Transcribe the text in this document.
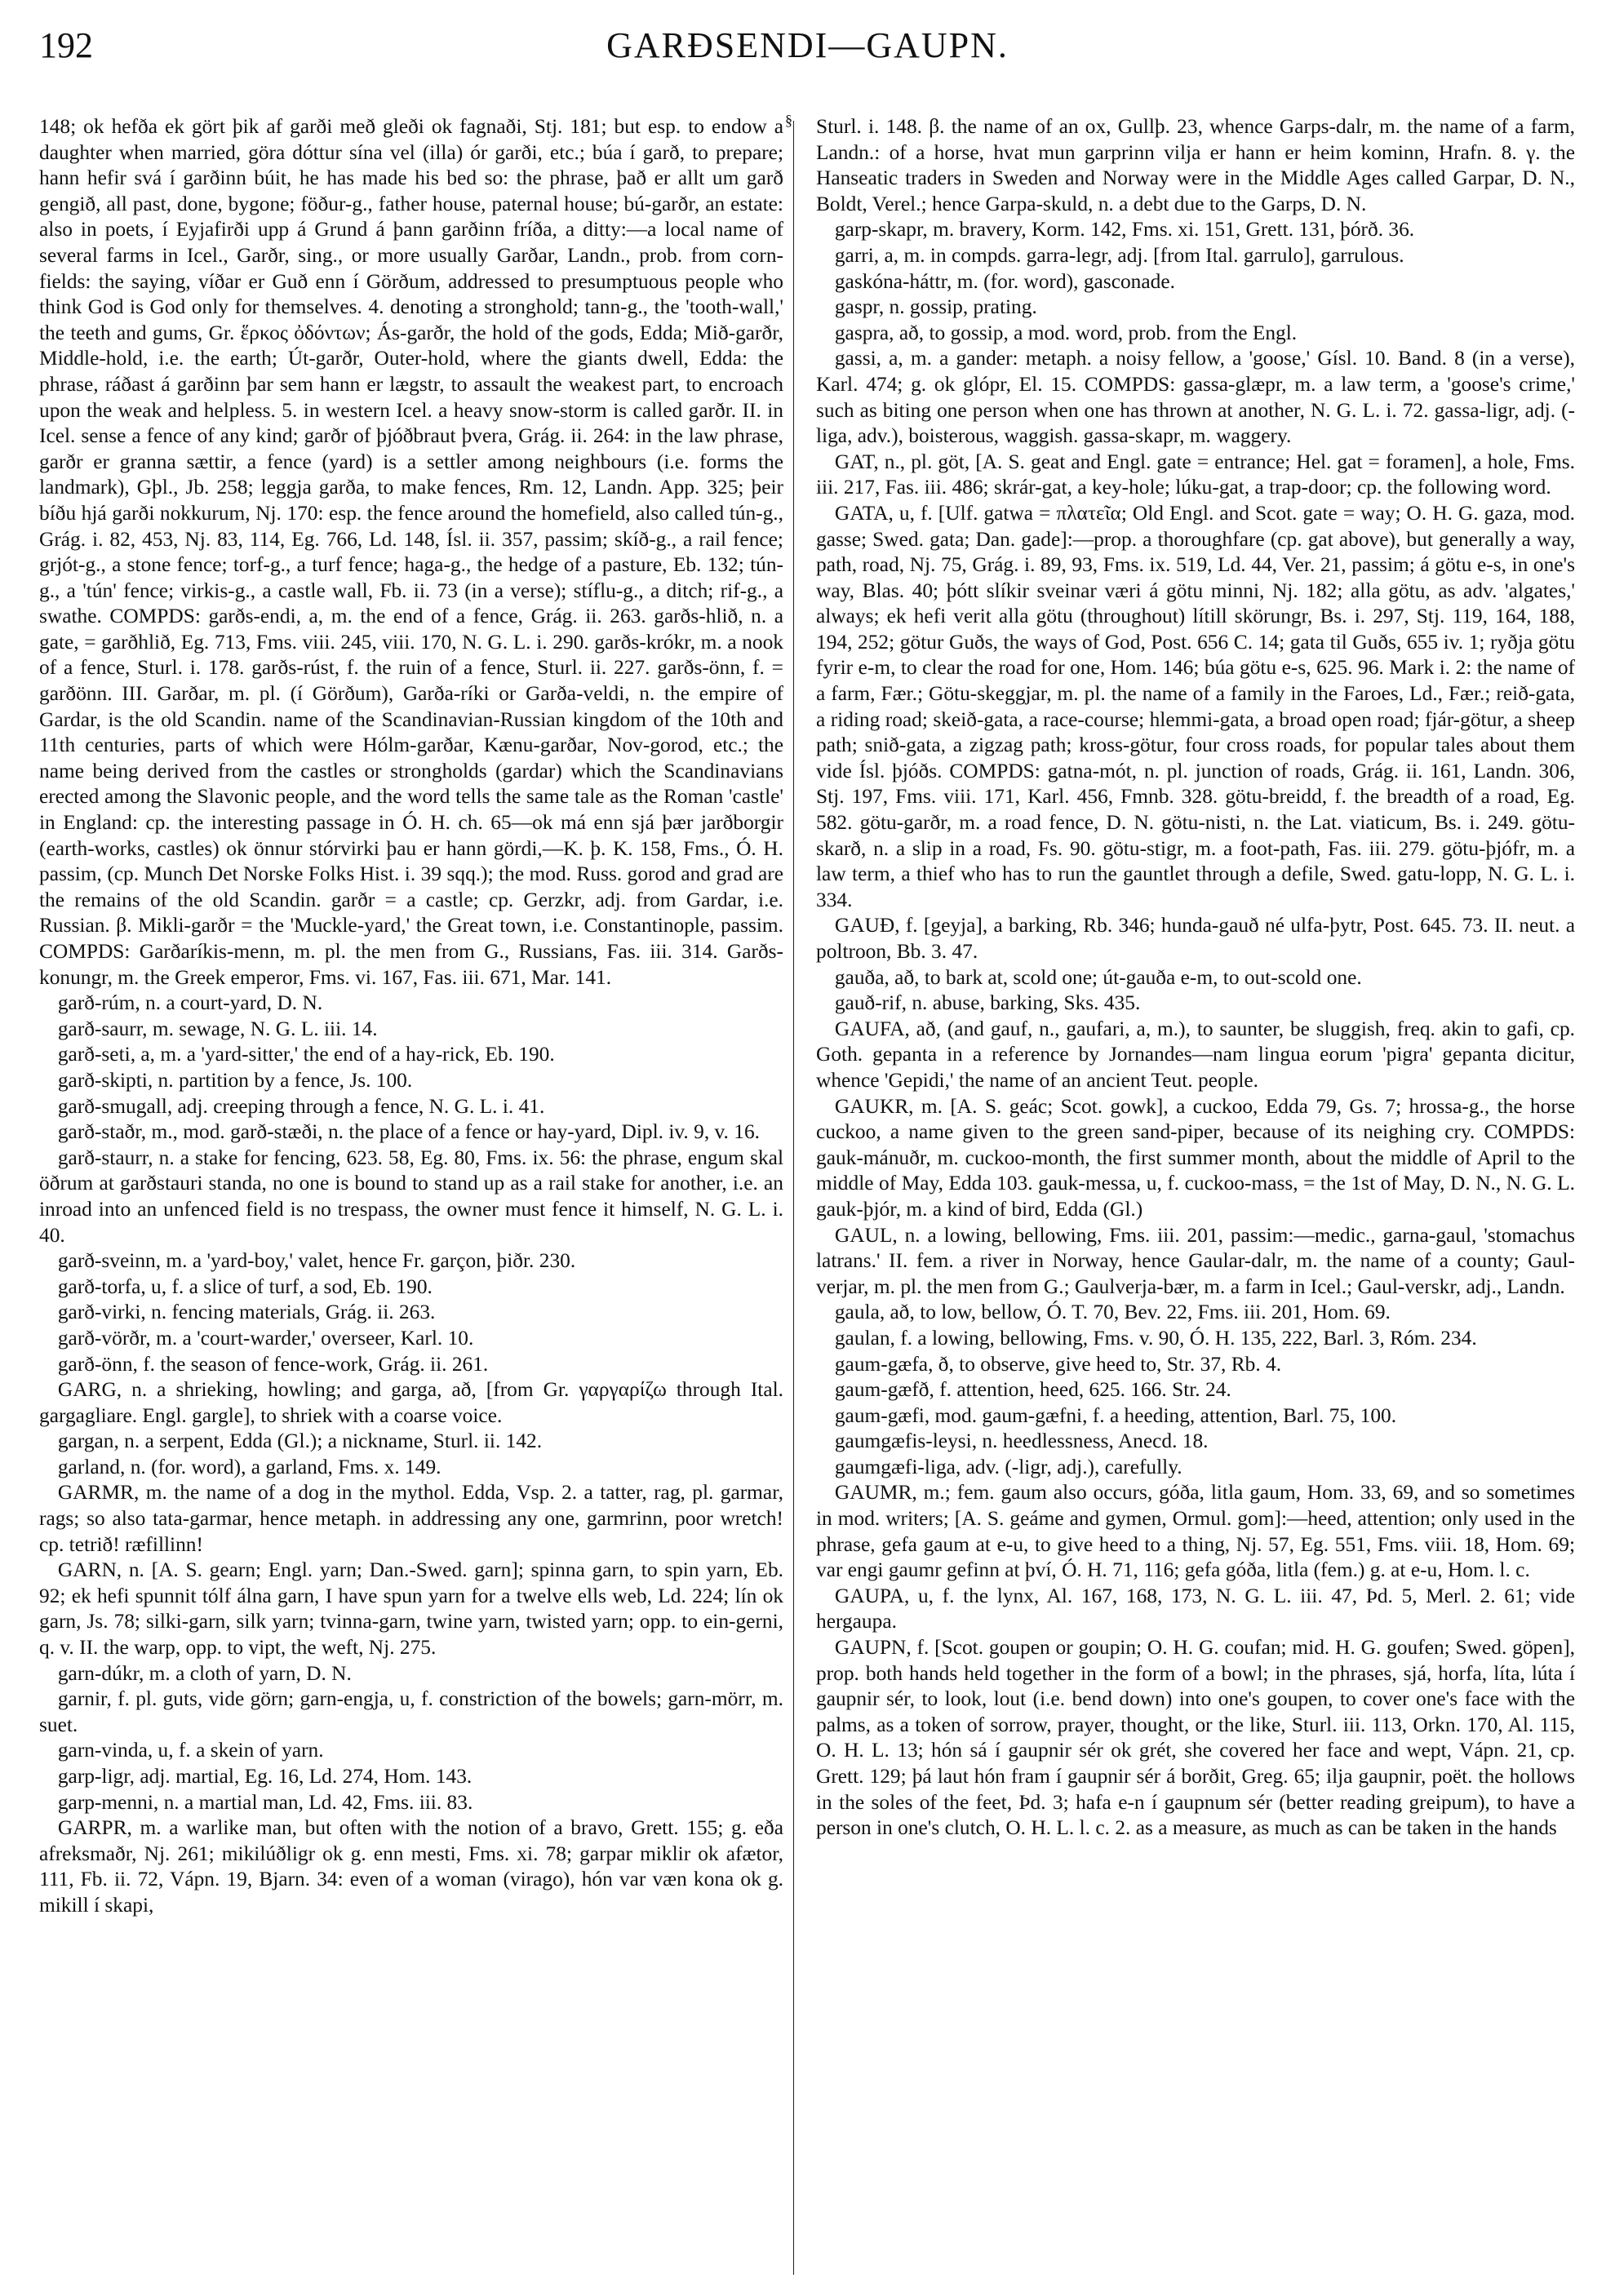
192	GARÐSENDI—GAUPN.
§

148; ok hefða ek gört þik af garði með gleði ok fagnaði, Stj. 181; but esp. to endow a daughter when married, göra dóttur sína vel (illa) ór garði, etc.; búa í garð, to prepare; hann hefir svá í garðinn búit, he has made his bed so: the phrase, það er allt um garð gengið, all past, done, bygone; föður-g., father house, paternal house; bú-garðr, an estate: also in poets, í Eyjafirði upp á Grund á þann garðinn fríða, a ditty:—a local name of several farms in Icel., Garðr, sing., or more usually Garðar, Landn., prob. from corn-fields: the saying, víðar er Guð enn í Görðum, addressed to presumptuous people who think God is God only for themselves. 4. denoting a stronghold; tann-g., the 'tooth-wall,' the teeth and gums, Gr. ἕρκος ὀδόντων; Ás-garðr, the hold of the gods, Edda; Mið-garðr, Middle-hold, i.e. the earth; Út-garðr, Outer-hold, where the giants dwell, Edda: the phrase, ráðast á garðinn þar sem hann er lægstr, to assault the weakest part, to encroach upon the weak and helpless. 5. in western Icel. a heavy snow-storm is called garðr. II. in Icel. sense a fence of any kind; garðr of þjóðbraut þvera, Grág. ii. 264: in the law phrase, garðr er granna sættir, a fence (yard) is a settler among neighbours (i.e. forms the landmark), Gþl., Jb. 258; leggja garða, to make fences, Rm. 12, Landn. App. 325; þeir bíðu hjá garði nokkurum, Nj. 170: esp. the fence around the homefield, also called tún-g., Grág. i. 82, 453, Nj. 83, 114, Eg. 766, Ld. 148, Ísl. ii. 357, passim; skíð-g., a rail fence; grjót-g., a stone fence; torf-g., a turf fence; haga-g., the hedge of a pasture, Eb. 132; tún-g., a 'tún' fence; virkis-g., a castle wall, Fb. ii. 73 (in a verse); stíflu-g., a ditch; rif-g., a swathe. COMPDS: garðs-endi, a, m. the end of a fence, Grág. ii. 263. garðs-hlið, n. a gate, = garðhlið, Eg. 713, Fms. viii. 245, viii. 170, N. G. L. i. 290. garðs-krókr, m. a nook of a fence, Sturl. i. 178. garðs-rúst, f. the ruin of a fence, Sturl. ii. 227. garðs-önn, f. = garðönn. III. Garðar, m. pl. (í Görðum), Garða-ríki or Garða-veldi, n. the empire of Gardar, is the old Scandin. name of the Scandinavian-Russian kingdom of the 10th and 11th centuries, parts of which were Hólm-garðar, Kænu-garðar, Nov-gorod, etc.; the name being derived from the castles or strongholds (gardar) which the Scandinavians erected among the Slavonic people, and the word tells the same tale as the Roman 'castle' in England: cp. the interesting passage in Ó. H. ch. 65—ok má enn sjá þær jarðborgir (earth-works, castles) ok önnur stórvirki þau er hann gördi,—K. þ. K. 158, Fms., Ó. H. passim, (cp. Munch Det Norske Folks Hist. i. 39 sqq.); the mod. Russ. gorod and grad are the remains of the old Scandin. garðr = a castle; cp. Gerzkr, adj. from Gardar, i.e. Russian. β. Mikli-garðr = the 'Muckle-yard,' the Great town, i.e. Constantinople, passim. COMPDS: Garðaríkis-menn, m. pl. the men from G., Russians, Fas. iii. 314. Garðs-konungr, m. the Greek emperor, Fms. vi. 167, Fas. iii. 671, Mar. 141.

garð-rúm, n. a court-yard, D. N.

garð-saurr, m. sewage, N. G. L. iii. 14.

garð-seti, a, m. a 'yard-sitter,' the end of a hay-rick, Eb. 190.

garð-skipti, n. partition by a fence, Js. 100.

garð-smugall, adj. creeping through a fence, N. G. L. i. 41.

garð-staðr, m., mod. garð-stæði, n. the place of a fence or hay-yard, Dipl. iv. 9, v. 16.

garð-staurr, n. a stake for fencing, 623. 58, Eg. 80, Fms. ix. 56: the phrase, engum skal öðrum at garðstauri standa, no one is bound to stand up as a rail stake for another, i.e. an inroad into an unfenced field is no trespass, the owner must fence it himself, N. G. L. i. 40.

garð-sveinn, m. a 'yard-boy,' valet, hence Fr. garçon, þiðr. 230.

garð-torfa, u, f. a slice of turf, a sod, Eb. 190.

garð-virki, n. fencing materials, Grág. ii. 263.

garð-vörðr, m. a 'court-warder,' overseer, Karl. 10.

garð-önn, f. the season of fence-work, Grág. ii. 261.

GARG, n. a shrieking, howling; and garga, að, [from Gr. γαργαρίζω through Ital. gargagliare. Engl. gargle], to shriek with a coarse voice.

gargan, n. a serpent, Edda (Gl.); a nickname, Sturl. ii. 142.

garland, n. (for. word), a garland, Fms. x. 149.

GARMR, m. the name of a dog in the mythol. Edda, Vsp. 2. a tatter, rag, pl. garmar, rags; so also tata-garmar, hence metaph. in addressing any one, garmrinn, poor wretch! cp. tetrið! ræfillinn!

GARN, n. [A. S. gearn; Engl. yarn; Dan.-Swed. garn]; spinna garn, to spin yarn, Eb. 92; ek hefi spunnit tólf álna garn, I have spun yarn for a twelve ells web, Ld. 224; lín ok garn, Js. 78; silki-garn, silk yarn; tvinna-garn, twine yarn, twisted yarn; opp. to ein-gerni, q. v. II. the warp, opp. to vipt, the weft, Nj. 275.

garn-dúkr, m. a cloth of yarn, D. N.

garnir, f. pl. guts, vide görn; garn-engja, u, f. constriction of the bowels; garn-mörr, m. suet.

garn-vinda, u, f. a skein of yarn.

garp-ligr, adj. martial, Eg. 16, Ld. 274, Hom. 143.

garp-menni, n. a martial man, Ld. 42, Fms. iii. 83.

GARPR, m. a warlike man, but often with the notion of a bravo, Grett. 155; g. eða afreksmaðr, Nj. 261; mikilúðligr ok g. enn mesti, Fms. xi. 78; garpar miklir ok afætor, 111, Fb. ii. 72, Vápn. 19, Bjarn. 34: even of a woman (virago), hón var væn kona ok g. mikill í skapi,

Sturl. i. 148. β. the name of an ox, Gullþ. 23, whence Garps-dalr, m. the name of a farm, Landn.: of a horse, hvat mun garprinn vilja er hann er heim kominn, Hrafn. 8. γ. the Hanseatic traders in Sweden and Norway were in the Middle Ages called Garpar, D. N., Boldt, Verel.; hence Garpa-skuld, n. a debt due to the Garps, D. N.

garp-skapr, m. bravery, Korm. 142, Fms. xi. 151, Grett. 131, þórð. 36.

garri, a, m. in compds. garra-legr, adj. [from Ital. garrulo], garrulous.

gaskóna-háttr, m. (for. word), gasconade.

gaspr, n. gossip, prating.

gaspra, að, to gossip, a mod. word, prob. from the Engl.

gassi, a, m. a gander: metaph. a noisy fellow, a 'goose,' Gísl. 10. Band. 8 (in a verse), Karl. 474; g. ok glópr, El. 15. COMPDS: gassa-glæpr, m. a law term, a 'goose's crime,' such as biting one person when one has thrown at another, N. G. L. i. 72. gassa-ligr, adj. (-liga, adv.), boisterous, waggish. gassa-skapr, m. waggery.

GAT, n., pl. göt, [A. S. geat and Engl. gate = entrance; Hel. gat = foramen], a hole, Fms. iii. 217, Fas. iii. 486; skrár-gat, a key-hole; lúku-gat, a trap-door; cp. the following word.

GATA, u, f. [Ulf. gatwa = πλατεῖα; Old Engl. and Scot. gate = way; O. H. G. gaza, mod. gasse; Swed. gata; Dan. gade]:—prop. a thoroughfare (cp. gat above), but generally a way, path, road, Nj. 75, Grág. i. 89, 93, Fms. ix. 519, Ld. 44, Ver. 21, passim; á götu e-s, in one's way, Blas. 40; þótt slíkir sveinar væri á götu minni, Nj. 182; alla götu, as adv. 'algates,' always; ek hefi verit alla götu (throughout) lítill skörungr, Bs. i. 297, Stj. 119, 164, 188, 194, 252; götur Guðs, the ways of God, Post. 656 C. 14; gata til Guðs, 655 iv. 1; ryðja götu fyrir e-m, to clear the road for one, Hom. 146; búa götu e-s, 625. 96. Mark i. 2: the name of a farm, Fær.; Götu-skeggjar, m. pl. the name of a family in the Faroes, Ld., Fær.; reið-gata, a riding road; skeið-gata, a race-course; hlemmi-gata, a broad open road; fjár-götur, a sheep path; snið-gata, a zigzag path; kross-götur, four cross roads, for popular tales about them vide Ísl. þjóðs. COMPDS: gatna-mót, n. pl. junction of roads, Grág. ii. 161, Landn. 306, Stj. 197, Fms. viii. 171, Karl. 456, Fmnb. 328. götu-breidd, f. the breadth of a road, Eg. 582. götu-garðr, m. a road fence, D. N. götu-nisti, n. the Lat. viaticum, Bs. i. 249. götu-skarð, n. a slip in a road, Fs. 90. götu-stigr, m. a foot-path, Fas. iii. 279. götu-þjófr, m. a law term, a thief who has to run the gauntlet through a defile, Swed. gatu-lopp, N. G. L. i. 334.

GAUÐ, f. [geyja], a barking, Rb. 346; hunda-gauð né ulfa-þytr, Post. 645. 73. II. neut. a poltroon, Bb. 3. 47.

gauða, að, to bark at, scold one; út-gauða e-m, to out-scold one.

gauð-rif, n. abuse, barking, Sks. 435.

GAUFA, að, (and gauf, n., gaufari, a, m.), to saunter, be sluggish, freq. akin to gafi, cp. Goth. gepanta in a reference by Jornandes—nam lingua eorum 'pigra' gepanta dicitur, whence 'Gepidi,' the name of an ancient Teut. people.

GAUKR, m. [A. S. geác; Scot. gowk], a cuckoo, Edda 79, Gs. 7; hrossa-g., the horse cuckoo, a name given to the green sand-piper, because of its neighing cry. COMPDS: gauk-mánuðr, m. cuckoo-month, the first summer month, about the middle of April to the middle of May, Edda 103. gauk-messa, u, f. cuckoo-mass, = the 1st of May, D. N., N. G. L. gauk-þjór, m. a kind of bird, Edda (Gl.)

GAUL, n. a lowing, bellowing, Fms. iii. 201, passim:—medic., garna-gaul, 'stomachus latrans.' II. fem. a river in Norway, hence Gaular-dalr, m. the name of a county; Gaul-verjar, m. pl. the men from G.; Gaulverja-bær, m. a farm in Icel.; Gaul-verskr, adj., Landn.

gaula, að, to low, bellow, Ó. T. 70, Bev. 22, Fms. iii. 201, Hom. 69.

gaulan, f. a lowing, bellowing, Fms. v. 90, Ó. H. 135, 222, Barl. 3, Róm. 234.

gaum-gæfa, ð, to observe, give heed to, Str. 37, Rb. 4.

gaum-gæfð, f. attention, heed, 625. 166. Str. 24.

gaum-gæfi, mod. gaum-gæfni, f. a heeding, attention, Barl. 75, 100.

gaumgæfis-leysi, n. heedlessness, Anecd. 18.

gaumgæfi-liga, adv. (-ligr, adj.), carefully.

GAUMR, m.; fem. gaum also occurs, góða, litla gaum, Hom. 33, 69, and so sometimes in mod. writers; [A. S. geáme and gymen, Ormul. gom]:—heed, attention; only used in the phrase, gefa gaum at e-u, to give heed to a thing, Nj. 57, Eg. 551, Fms. viii. 18, Hom. 69; var engi gaumr gefinn at því, Ó. H. 71, 116; gefa góða, litla (fem.) g. at e-u, Hom. l. c.

GAUPA, u, f. the lynx, Al. 167, 168, 173, N. G. L. iii. 47, Þd. 5, Merl. 2. 61; vide hergaupa.

GAUPN, f. [Scot. goupen or goupin; O. H. G. coufan; mid. H. G. goufen; Swed. göpen], prop. both hands held together in the form of a bowl; in the phrases, sjá, horfa, líta, lúta í gaupnir sér, to look, lout (i.e. bend down) into one's goupen, to cover one's face with the palms, as a token of sorrow, prayer, thought, or the like, Sturl. iii. 113, Orkn. 170, Al. 115, O. H. L. 13; hón sá í gaupnir sér ok grét, she covered her face and wept, Vápn. 21, cp. Grett. 129; þá laut hón fram í gaupnir sér á borðit, Greg. 65; ilja gaupnir, poët. the hollows in the soles of the feet, Þd. 3; hafa e-n í gaupnum sér (better reading greipum), to have a person in one's clutch, O. H. L. l. c. 2. as a measure, as much as can be taken in the hands
